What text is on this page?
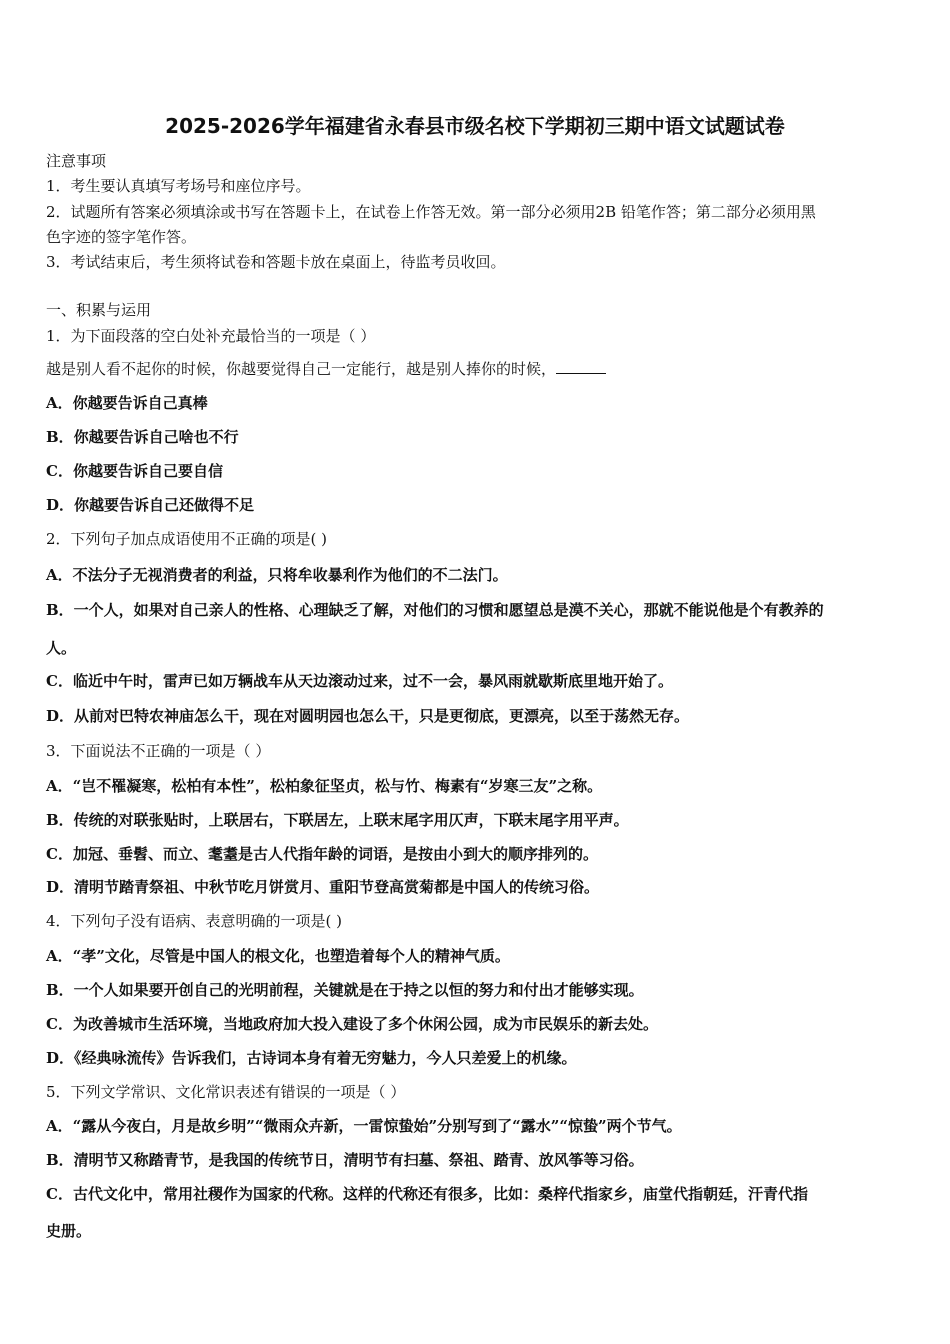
2025-2026学年福建省永春县市级名校下学期初三期中语文试题试卷
注意事项
1．考生要认真填写考场号和座位序号。
2．试题所有答案必须填涂或书写在答题卡上，在试卷上作答无效。第一部分必须用2B 铅笔作答；第二部分必须用黑
色字迹的签字笔作答。
3．考试结束后，考生须将试卷和答题卡放在桌面上，待监考员收回。
一、积累与运用
1．为下面段落的空白处补充最恰当的一项是（ ）
越是别人看不起你的时候，你越要觉得自己一定能行，越是别人捧你的时候，
A．你越要告诉自己真棒
B．你越要告诉自己啥也不行
C．你越要告诉自己要自信
D．你越要告诉自己还做得不足
2．下列句子加点成语使用不正确的项是( )
A．不法分子无视消费者的利益，只将牟收暴利作为他们的不二法门。
B．一个人，如果对自己亲人的性格、心理缺乏了解，对他们的习惯和愿望总是漠不关心，那就不能说他是个有教养的
人。
C．临近中午时，雷声已如万辆战车从天边滚动过来，过不一会，暴风雨就歇斯底里地开始了。
D．从前对巴特农神庙怎么干，现在对圆明园也怎么干，只是更彻底，更漂亮，以至于荡然无存。
3．下面说法不正确的一项是（ ）
A．“岂不罹凝寒，松柏有本性”，松柏象征坚贞，松与竹、梅素有“岁寒三友”之称。
B．传统的对联张贴时，上联居右，下联居左，上联末尾字用仄声，下联末尾字用平声。
C．加冠、垂髫、而立、耄耋是古人代指年龄的词语，是按由小到大的顺序排列的。
D．清明节踏青祭祖、中秋节吃月饼赏月、重阳节登高赏菊都是中国人的传统习俗。
4．下列句子没有语病、表意明确的一项是( )
A．“孝”文化，尽管是中国人的根文化，也塑造着每个人的精神气质。
B．一个人如果要开创自己的光明前程，关键就是在于持之以恒的努力和付出才能够实现。
C．为改善城市生活环境，当地政府加大投入建设了多个休闲公园，成为市民娱乐的新去处。
D．《经典咏流传》告诉我们，古诗词本身有着无穷魅力，今人只差爱上的机缘。
5．下列文学常识、文化常识表述有错误的一项是（ ）
A．“露从今夜白，月是故乡明”“微雨众卉新，一雷惊蛰始”分别写到了“露水”“惊蛰”两个节气。
B．清明节又称踏青节，是我国的传统节日，清明节有扫墓、祭祖、踏青、放风筝等习俗。
C．古代文化中，常用社稷作为国家的代称。这样的代称还有很多，比如：桑梓代指家乡，庙堂代指朝廷，汗青代指
史册。
